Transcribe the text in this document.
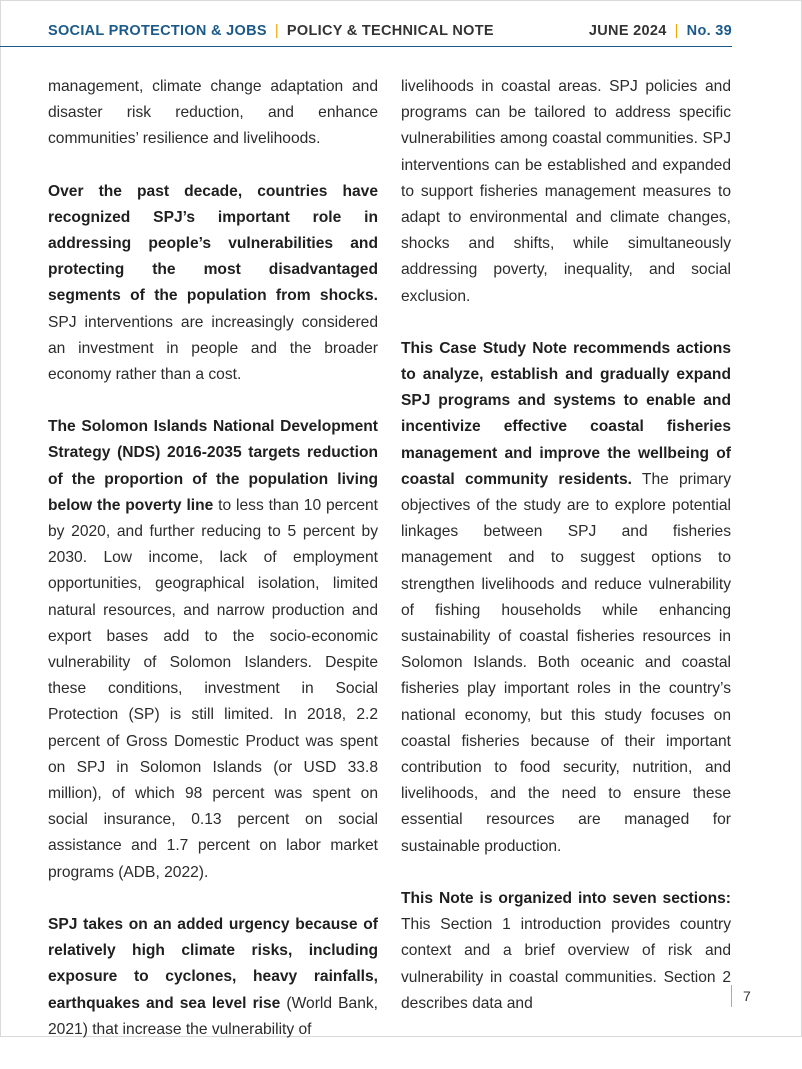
SOCIAL PROTECTION & JOBS | POLICY & TECHNICAL NOTE	JUNE 2024 | No. 39

management, climate change adaptation and disaster risk reduction, and enhance communities’ resilience and livelihoods.

Over the past decade, countries have recognized SPJ’s important role in addressing people’s vulnerabilities and protecting the most disadvantaged segments of the population from shocks. SPJ interventions are increasingly considered an investment in people and the broader economy rather than a cost.

The Solomon Islands National Development Strategy (NDS) 2016-2035 targets reduction of the proportion of the population living below the poverty line to less than 10 percent by 2020, and further reducing to 5 percent by 2030. Low income, lack of employment opportunities, geographical isolation, limited natural resources, and narrow production and export bases add to the socio-economic vulnerability of Solomon Islanders. Despite these conditions, investment in Social Protection (SP) is still limited. In 2018, 2.2 percent of Gross Domestic Product was spent on SPJ in Solomon Islands (or USD 33.8 million), of which 98 percent was spent on social insurance, 0.13 percent on social assistance and 1.7 percent on labor market programs (ADB, 2022).

SPJ takes on an added urgency because of relatively high climate risks, including exposure to cyclones, heavy rainfalls, earthquakes and sea level rise (World Bank, 2021) that increase the vulnerability of

livelihoods in coastal areas. SPJ policies and programs can be tailored to address specific vulnerabilities among coastal communities. SPJ interventions can be established and expanded to support fisheries management measures to adapt to environmental and climate changes, shocks and shifts, while simultaneously addressing poverty, inequality, and social exclusion.

This Case Study Note recommends actions to analyze, establish and gradually expand SPJ programs and systems to enable and incentivize effective coastal fisheries management and improve the wellbeing of coastal community residents. The primary objectives of the study are to explore potential linkages between SPJ and fisheries management and to suggest options to strengthen livelihoods and reduce vulnerability of fishing households while enhancing sustainability of coastal fisheries resources in Solomon Islands. Both oceanic and coastal fisheries play important roles in the country’s national economy, but this study focuses on coastal fisheries because of their important contribution to food security, nutrition, and livelihoods, and the need to ensure these essential resources are managed for sustainable production.

This Note is organized into seven sections: This Section 1 introduction provides country context and a brief overview of risk and vulnerability in coastal communities. Section 2 describes data and	7
